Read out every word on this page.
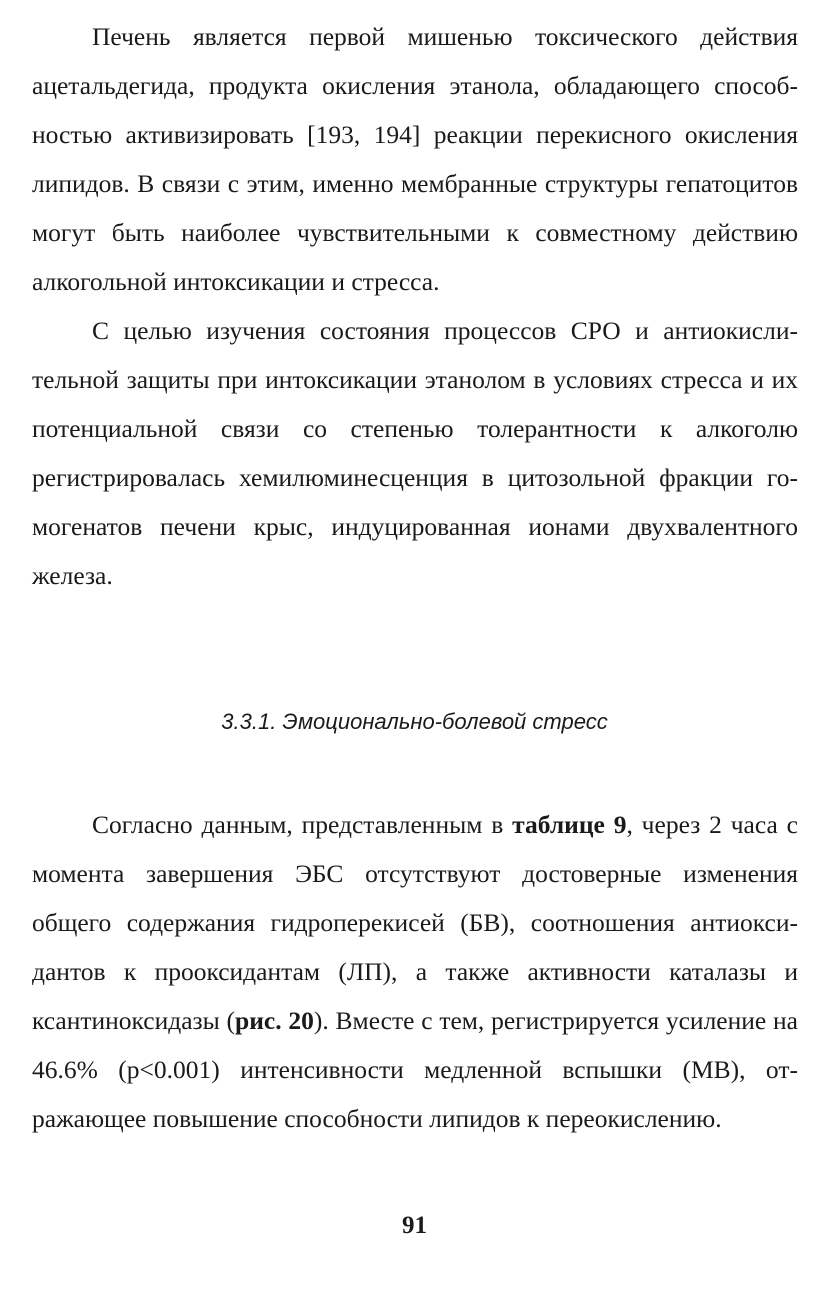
Печень является первой мишенью токсического действия ацетальдегида, продукта окисления этанола, обладающего способностью активизировать [193, 194] реакции перекисного окисления липидов. В связи с этим, именно мембранные структуры гепатоцитов могут быть наиболее чувствительными к совместному действию алкогольной интоксикации и стресса.

С целью изучения состояния процессов СРО и антиокислительной защиты при интоксикации этанолом в условиях стресса и их потенциальной связи со степенью толерантности к алкоголю регистрировалась хемилюминесценция в цитозольной фракции гомогенатов печени крыс, индуцированная ионами двухвалентного железа.

3.3.1. Эмоционально-болевой стресс

Согласно данным, представленным в таблице 9, через 2 часа с момента завершения ЭБС отсутствуют достоверные изменения общего содержания гидроперекисей (БВ), соотношения антиоксидантов к прооксидантам (ЛП), а также активности каталазы и ксантиноксидазы (рис. 20). Вместе с тем, регистрируется усиление на 46.6% (p<0.001) интенсивности медленной вспышки (МВ), отражающее повышение способности липидов к переокислению.

91
